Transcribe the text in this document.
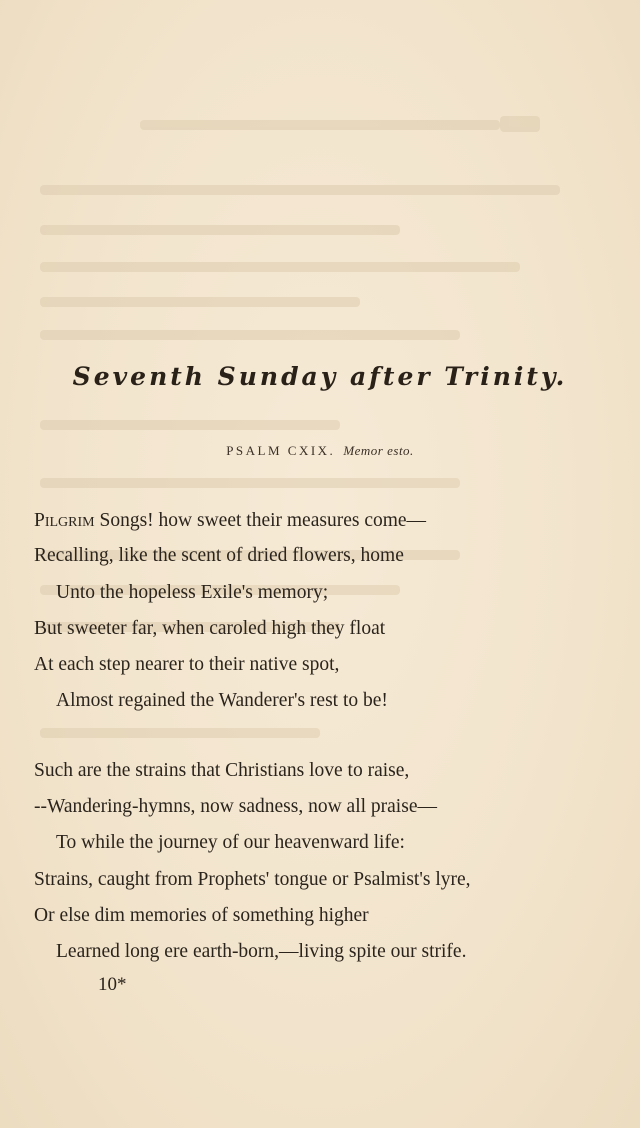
Seventh Sunday after Trinity.
PSALM CXIX. Memor esto.
Pilgrim Songs! how sweet their measures come—
Recalling, like the scent of dried flowers, home
Unto the hopeless Exile's memory;
But sweeter far, when caroled high they float
At each step nearer to their native spot,
Almost regained the Wanderer's rest to be!
Such are the strains that Christians love to raise,
--Wandering-hymns, now sadness, now all praise—
To while the journey of our heavenward life:
Strains, caught from Prophets' tongue or Psalmist's lyre,
Or else dim memories of something higher
Learned long ere earth-born,—living spite our strife.
10*
